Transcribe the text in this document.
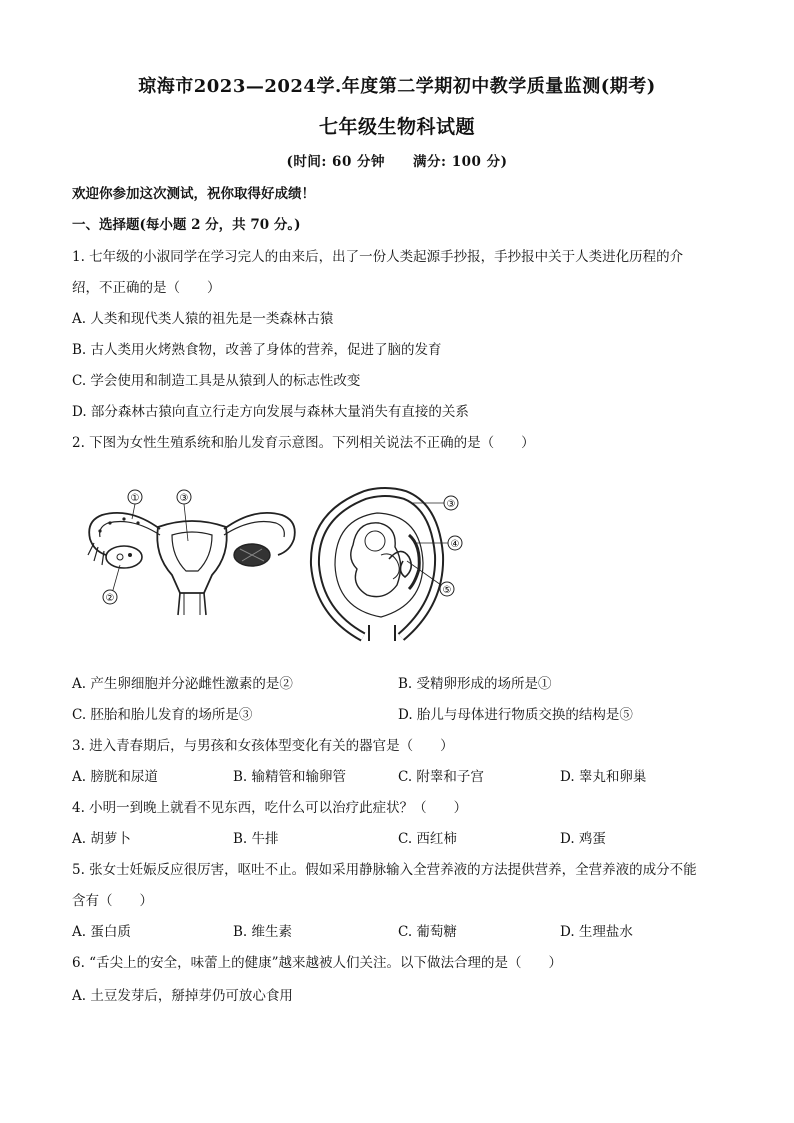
琼海市2023—2024学.年度第二学期初中教学质量监测(期考)
七年级生物科试题
(时间: 60 分钟 满分: 100 分)
欢迎你参加这次测试，祝你取得好成绩！
一、选择题(每小题 2 分，共 70 分。)
1. 七年级的小淑同学在学习完人的由来后，出了一份人类起源手抄报，手抄报中关于人类进化历程的介
绍，不正确的是（　　）
A. 人类和现代类人猿的祖先是一类森林古猿
B. 古人类用火烤熟食物，改善了身体的营养，促进了脑的发育
C. 学会使用和制造工具是从猿到人的标志性改变
D. 部分森林古猿向直立行走方向发展与森林大量消失有直接的关系
2. 下图为女性生殖系统和胎儿发育示意图。下列相关说法不正确的是（　　）
①	③
②
③
④
⑤
A. 产生卵细胞并分泌雌性激素的是②	B. 受精卵形成的场所是①
C. 胚胎和胎儿发育的场所是③	D. 胎儿与母体进行物质交换的结构是⑤
3. 进入青春期后，与男孩和女孩体型变化有关的器官是（　　）
A. 膀胱和尿道	B. 输精管和输卵管	C. 附睾和子宫	D. 睾丸和卵巢
4. 小明一到晚上就看不见东西，吃什么可以治疗此症状？（　　）
A. 胡萝卜	B. 牛排	C. 西红柿	D. 鸡蛋
5. 张女士妊娠反应很厉害，呕吐不止。假如采用静脉输入全营养液的方法提供营养，全营养液的成分不能
含有（　　）
A. 蛋白质	B. 维生素	C. 葡萄糖	D. 生理盐水
6. “舌尖上的安全，味蕾上的健康”越来越被人们关注。以下做法合理的是（　　）
A. 土豆发芽后，掰掉芽仍可放心食用
